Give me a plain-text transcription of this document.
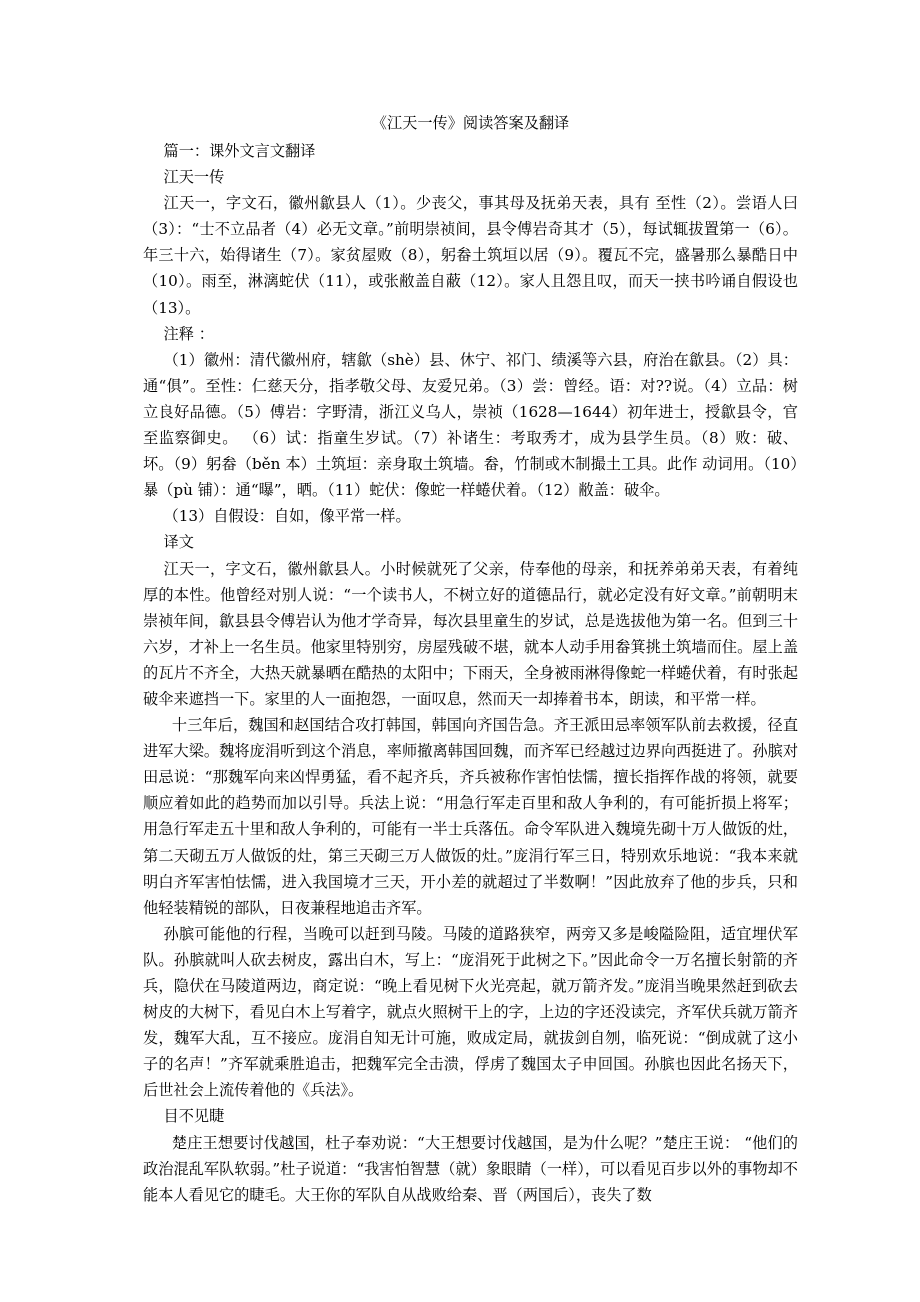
《江天一传》阅读答案及翻译

篇一：课外文言文翻译

江天一传

江天一，字文石，徽州歙县人（1）。少丧父，事其母及抚弟天表，具有 至性（2）。尝语人曰（3）：“士不立品者（4）必无文章。”前明崇祯间，县令傅岩奇其才（5），每试辄拔置第一（6）。年三十六，始得诸生（7）。家贫屋败（8），躬畚土筑垣以居（9）。覆瓦不完，盛暑那么暴酷日中（10）。雨至，淋漓蛇伏（11），或张敝盖自蔽（12）。家人且怨且叹，而天一挟书吟诵自假设也（13）。

注释 ：

（1）徽州：清代徽州府，辖歙（shè）县、休宁、祁门、绩溪等六县，府治在歙县。（2）具：通“俱”。至性：仁慈天分，指孝敬父母、友爱兄弟。（3）尝：曾经。语：对??说。（4）立品：树立良好品德。（5）傅岩：字野清，浙江义乌人，崇祯（1628—1644）初年进士，授歙县令，官至监察御史。 （6）试：指童生岁试。（7）补诸生：考取秀才，成为县学生员。（8）败：破、坏。（9）躬畚（běn 本）土筑垣：亲身取土筑墙。畚，竹制或木制撮土工具。此作 动词用。（10）暴（pù 铺）：通“曝”，晒。（11）蛇伏：像蛇一样蜷伏着。（12）敝盖：破伞。

（13）自假设：自如，像平常一样。

译文

江天一，字文石，徽州歙县人。小时候就死了父亲，侍奉他的母亲，和抚养弟弟天表，有着纯厚的本性。他曾经对别人说：“一个读书人，不树立好的道德品行，就必定没有好文章。”前朝明末崇祯年间，歙县县令傅岩认为他才学奇异，每次县里童生的岁试，总是选拔他为第一名。但到三十六岁，才补上一名生员。他家里特别穷，房屋残破不堪，就本人动手用畚箕挑土筑墙而住。屋上盖的瓦片不齐全，大热天就暴晒在酷热的太阳中；下雨天，全身被雨淋得像蛇一样蜷伏着，有时张起破伞来遮挡一下。家里的人一面抱怨，一面叹息，然而天一却捧着书本，朗读，和平常一样。

十三年后，魏国和赵国结合攻打韩国，韩国向齐国告急。齐王派田忌率领军队前去救援，径直进军大梁。魏将庞涓听到这个消息，率师撤离韩国回魏，而齐军已经越过边界向西挺进了。孙膑对田忌说：“那魏军向来凶悍勇猛，看不起齐兵，齐兵被称作害怕怯懦，擅长指挥作战的将领，就要顺应着如此的趋势而加以引导。兵法上说：“用急行军走百里和敌人争利的，有可能折损上将军；用急行军走五十里和敌人争利的，可能有一半士兵落伍。命令军队进入魏境先砌十万人做饭的灶，第二天砌五万人做饭的灶，第三天砌三万人做饭的灶。”庞涓行军三日，特别欢乐地说：“我本来就明白齐军害怕怯懦，进入我国境才三天，开小差的就超过了半数啊！”因此放弃了他的步兵，只和他轻装精锐的部队，日夜兼程地追击齐军。

孙膑可能他的行程，当晚可以赶到马陵。马陵的道路狭窄，两旁又多是峻隘险阻，适宜埋伏军队。孙膑就叫人砍去树皮，露出白木，写上：“庞涓死于此树之下。”因此命令一万名擅长射箭的齐兵，隐伏在马陵道两边，商定说：“晚上看见树下火光亮起，就万箭齐发。”庞涓当晚果然赶到砍去树皮的大树下，看见白木上写着字，就点火照树干上的字，上边的字还没读完，齐军伏兵就万箭齐发，魏军大乱，互不接应。庞涓自知无计可施，败成定局，就拔剑自刎，临死说：“倒成就了这小子的名声！”齐军就乘胜追击，把魏军完全击溃，俘虏了魏国太子申回国。孙膑也因此名扬天下，后世社会上流传着他的《兵法》。

目不见睫

楚庄王想要讨伐越国，杜子奉劝说：“大王想要讨伐越国，是为什么呢？”楚庄王说： “他们的政治混乱军队软弱。”杜子说道：“我害怕智慧（就）象眼睛（一样），可以看见百步以外的事物却不能本人看见它的睫毛。大王你的军队自从战败给秦、晋（两国后），丧失了数
